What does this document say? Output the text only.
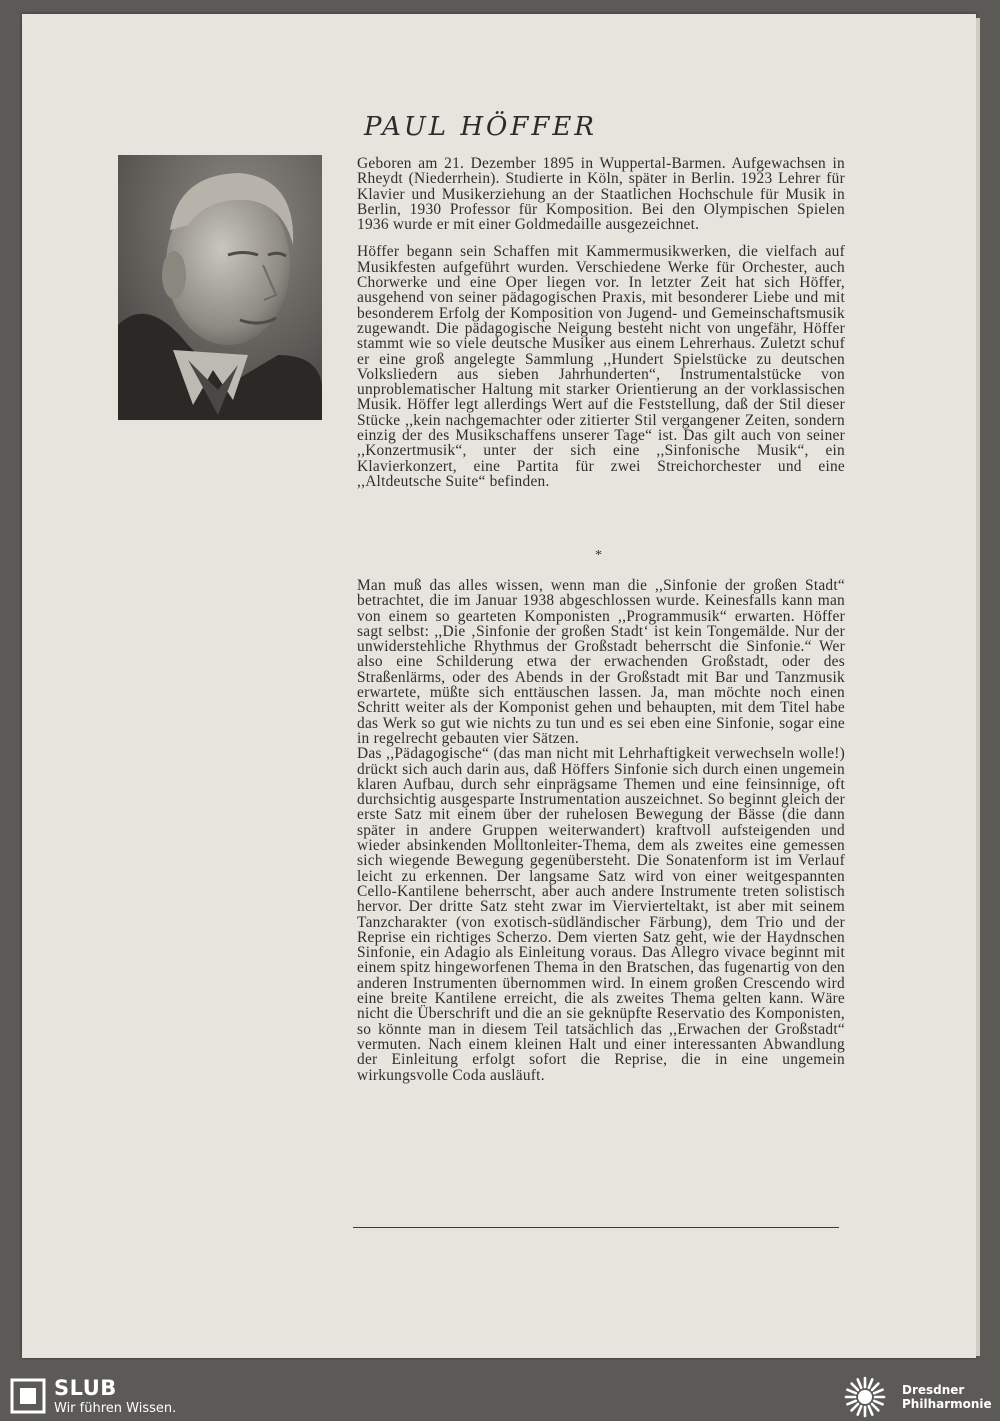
PAUL HÖFFER

Geboren am 21. Dezember 1895 in Wuppertal-Barmen. Aufgewachsen in Rheydt (Niederrhein). Studierte in Köln, später in Berlin. 1923 Lehrer für Klavier und Musikerziehung an der Staatlichen Hochschule für Musik in Berlin, 1930 Professor für Komposition. Bei den Olympischen Spielen 1936 wurde er mit einer Goldmedaille ausgezeichnet.

Höffer begann sein Schaffen mit Kammermusikwerken, die vielfach auf Musikfesten aufgeführt wurden. Verschiedene Werke für Orchester, auch Chorwerke und eine Oper liegen vor. In letzter Zeit hat sich Höffer, ausgehend von seiner pädagogischen Praxis, mit besonderer Liebe und mit besonderem Erfolg der Komposition von Jugend- und Gemeinschaftsmusik zugewandt. Die pädagogische Neigung besteht nicht von ungefähr, Höffer stammt wie so viele deutsche Musiker aus einem Lehrerhaus. Zuletzt schuf er eine groß angelegte Sammlung ,,Hundert Spielstücke zu deutschen Volksliedern aus sieben Jahrhunderten“, Instrumentalstücke von unproblematischer Haltung mit starker Orientierung an der vorklassischen Musik. Höffer legt allerdings Wert auf die Feststellung, daß der Stil dieser Stücke ,,kein nachgemachter oder zitierter Stil vergangener Zeiten, sondern einzig der des Musikschaffens unserer Tage“ ist. Das gilt auch von seiner ,,Konzertmusik“, unter der sich eine ,,Sinfonische Musik“, ein Klavierkonzert, eine Partita für zwei Streichorchester und eine ,,Altdeutsche Suite“ befinden.

*

Man muß das alles wissen, wenn man die ,,Sinfonie der großen Stadt“ betrachtet, die im Januar 1938 abgeschlossen wurde. Keinesfalls kann man von einem so gearteten Komponisten ,,Programmusik“ erwarten. Höffer sagt selbst: ,,Die ‚Sinfonie der großen Stadt‘ ist kein Tongemälde. Nur der unwiderstehliche Rhythmus der Großstadt beherrscht die Sinfonie.“ Wer also eine Schilderung etwa der erwachenden Großstadt, oder des Straßenlärms, oder des Abends in der Großstadt mit Bar und Tanzmusik erwartete, müßte sich enttäuschen lassen. Ja, man möchte noch einen Schritt weiter als der Komponist gehen und behaupten, mit dem Titel habe das Werk so gut wie nichts zu tun und es sei eben eine Sinfonie, sogar eine in regelrecht gebauten vier Sätzen.

Das ,,Pädagogische“ (das man nicht mit Lehrhaftigkeit verwechseln wolle!) drückt sich auch darin aus, daß Höffers Sinfonie sich durch einen ungemein klaren Aufbau, durch sehr einprägsame Themen und eine feinsinnige, oft durchsichtig ausgesparte Instrumentation auszeichnet. So beginnt gleich der erste Satz mit einem über der ruhelosen Bewegung der Bässe (die dann später in andere Gruppen weiterwandert) kraftvoll aufsteigenden und wieder absinkenden Molltonleiter-Thema, dem als zweites eine gemessen sich wiegende Bewegung gegenübersteht. Die Sonatenform ist im Verlauf leicht zu erkennen. Der langsame Satz wird von einer weitgespannten Cello-Kantilene beherrscht, aber auch andere Instrumente treten solistisch hervor. Der dritte Satz steht zwar im Viervierteltakt, ist aber mit seinem Tanzcharakter (von exotisch-südländischer Färbung), dem Trio und der Reprise ein richtiges Scherzo. Dem vierten Satz geht, wie der Haydnschen Sinfonie, ein Adagio als Einleitung voraus. Das Allegro vivace beginnt mit einem spitz hingeworfenen Thema in den Bratschen, das fugenartig von den anderen Instrumenten übernommen wird. In einem großen Crescendo wird eine breite Kantilene erreicht, die als zweites Thema gelten kann. Wäre nicht die Überschrift und die an sie geknüpfte Reservatio des Komponisten, so könnte man in diesem Teil tatsächlich das ,,Erwachen der Großstadt“ vermuten. Nach einem kleinen Halt und einer interessanten Abwandlung der Einleitung erfolgt sofort die Reprise, die in eine ungemein wirkungsvolle Coda ausläuft.

SLUB
Wir führen Wissen.
Dresdner
Philharmonie
